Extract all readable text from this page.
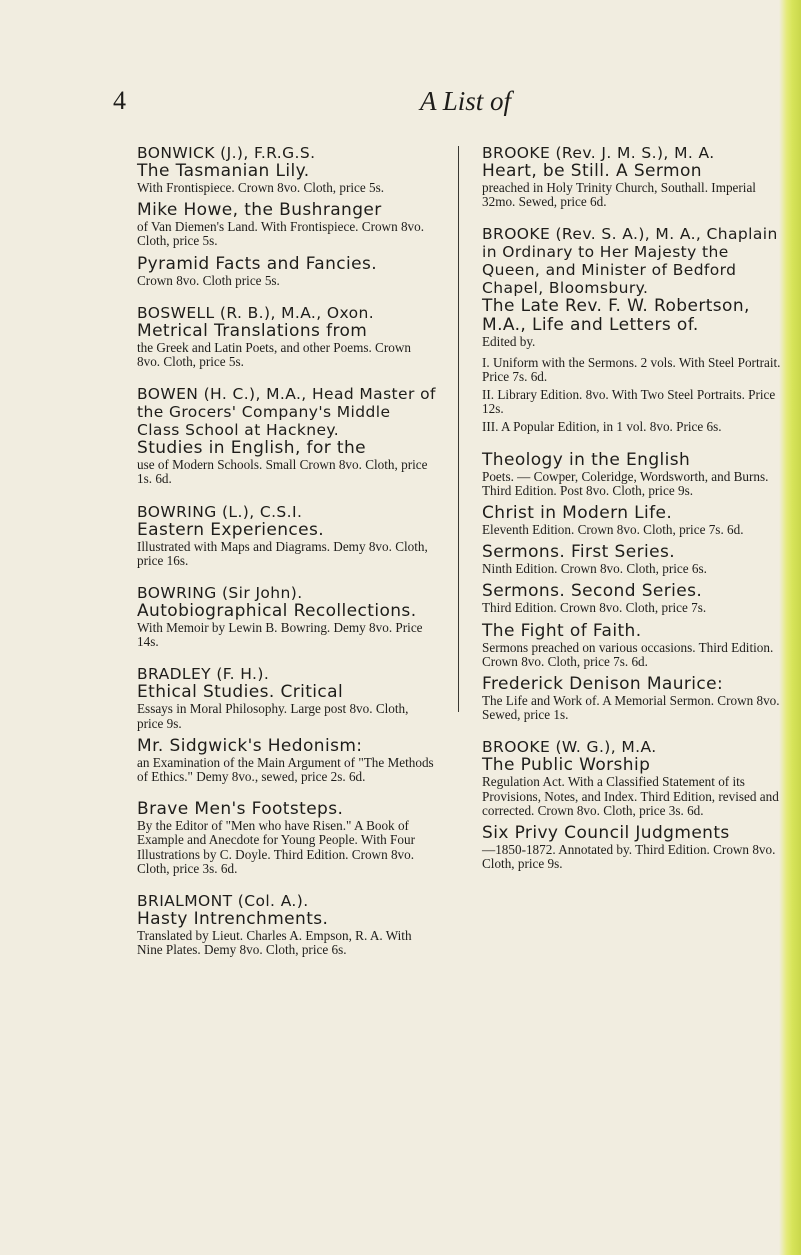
4	A List of
BONWICK (J.), F.R.G.S.
The Tasmanian Lily.
With Frontispiece. Crown 8vo. Cloth, price 5s.
Mike Howe, the Bushranger
of Van Diemen's Land. With Frontispiece. Crown 8vo. Cloth, price 5s.
Pyramid Facts and Fancies.
Crown 8vo. Cloth price 5s.
BOSWELL (R. B.), M.A., Oxon.
Metrical Translations from
the Greek and Latin Poets, and other Poems. Crown 8vo. Cloth, price 5s.
BOWEN (H. C.), M.A., Head Master of the Grocers' Company's Middle Class School at Hackney.
Studies in English, for the
use of Modern Schools. Small Crown 8vo. Cloth, price 1s. 6d.
BOWRING (L.), C.S.I.
Eastern Experiences.
Illustrated with Maps and Diagrams. Demy 8vo. Cloth, price 16s.
BOWRING (Sir John).
Autobiographical Recollections.
With Memoir by Lewin B. Bowring. Demy 8vo. Price 14s.
BRADLEY (F. H.).
Ethical Studies. Critical
Essays in Moral Philosophy. Large post 8vo. Cloth, price 9s.
Mr. Sidgwick's Hedonism:
an Examination of the Main Argument of "The Methods of Ethics." Demy 8vo., sewed, price 2s. 6d.
Brave Men's Footsteps.
By the Editor of "Men who have Risen." A Book of Example and Anecdote for Young People. With Four Illustrations by C. Doyle. Third Edition. Crown 8vo. Cloth, price 3s. 6d.
BRIALMONT (Col. A.).
Hasty Intrenchments.
Translated by Lieut. Charles A. Empson, R. A. With Nine Plates. Demy 8vo. Cloth, price 6s.
BROOKE (Rev. J. M. S.), M. A.
Heart, be Still. A Sermon
preached in Holy Trinity Church, Southall. Imperial 32mo. Sewed, price 6d.
BROOKE (Rev. S. A.), M. A., Chaplain in Ordinary to Her Majesty the Queen, and Minister of Bedford Chapel, Bloomsbury.
The Late Rev. F. W. Robertson, M.A., Life and Letters of.
Edited by.
I. Uniform with the Sermons. 2 vols. With Steel Portrait. Price 7s. 6d.
II. Library Edition. 8vo. With Two Steel Portraits. Price 12s.
III. A Popular Edition, in 1 vol. 8vo. Price 6s.
Theology in the English
Poets. — Cowper, Coleridge, Wordsworth, and Burns. Third Edition. Post 8vo. Cloth, price 9s.
Christ in Modern Life.
Eleventh Edition. Crown 8vo. Cloth, price 7s. 6d.
Sermons. First Series.
Ninth Edition. Crown 8vo. Cloth, price 6s.
Sermons. Second Series.
Third Edition. Crown 8vo. Cloth, price 7s.
The Fight of Faith.
Sermons preached on various occasions. Third Edition. Crown 8vo. Cloth, price 7s. 6d.
Frederick Denison Maurice:
The Life and Work of. A Memorial Sermon. Crown 8vo. Sewed, price 1s.
BROOKE (W. G.), M.A.
The Public Worship
Regulation Act. With a Classified Statement of its Provisions, Notes, and Index. Third Edition, revised and corrected. Crown 8vo. Cloth, price 3s. 6d.
Six Privy Council Judgments
—1850-1872. Annotated by. Third Edition. Crown 8vo. Cloth, price 9s.
